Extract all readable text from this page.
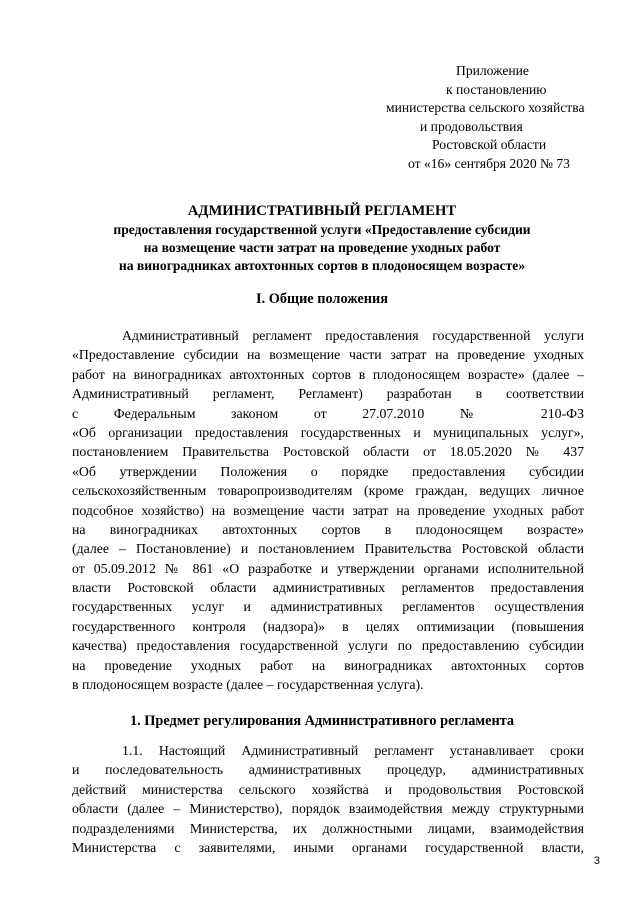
Приложение
к постановлению
министерства сельского хозяйства
и продовольствия
Ростовской области
от «16» сентября 2020 № 73
АДМИНИСТРАТИВНЫЙ РЕГЛАМЕНТ
предоставления государственной услуги «Предоставление субсидии
на возмещение части затрат на проведение уходных работ
на виноградниках автохтонных сортов в плодоносящем возрасте»
I. Общие положения
Административный регламент предоставления государственной услуги
«Предоставление субсидии на возмещение части затрат на проведение уходных
работ на виноградниках автохтонных сортов в плодоносящем возрасте» (далее –
Административный регламент, Регламент) разработан в соответствии
с Федеральным законом от 27.07.2010 № 210-ФЗ
«Об организации предоставления государственных и муниципальных услуг»,
постановлением Правительства Ростовской области от 18.05.2020 № 437
«Об утверждении Положения о порядке предоставления субсидии
сельскохозяйственным товаропроизводителям (кроме граждан, ведущих личное
подсобное хозяйство) на возмещение части затрат на проведение уходных работ
на виноградниках автохтонных сортов в плодоносящем возрасте»
(далее – Постановление) и постановлением Правительства Ростовской области
от 05.09.2012 № 861 «О разработке и утверждении органами исполнительной
власти Ростовской области административных регламентов предоставления
государственных услуг и административных регламентов осуществления
государственного контроля (надзора)» в целях оптимизации (повышения
качества) предоставления государственной услуги по предоставлению субсидии
на проведение уходных работ на виноградниках автохтонных сортов
в плодоносящем возрасте (далее – государственная услуга).
1. Предмет регулирования Административного регламента
1.1. Настоящий Административный регламент устанавливает сроки
и последовательность административных процедур, административных
действий министерства сельского хозяйства и продовольствия Ростовской
области (далее – Министерство), порядок взаимодействия между структурными
подразделениями Министерства, их должностными лицами, взаимодействия
Министерства с заявителями, иными органами государственной власти,
3
